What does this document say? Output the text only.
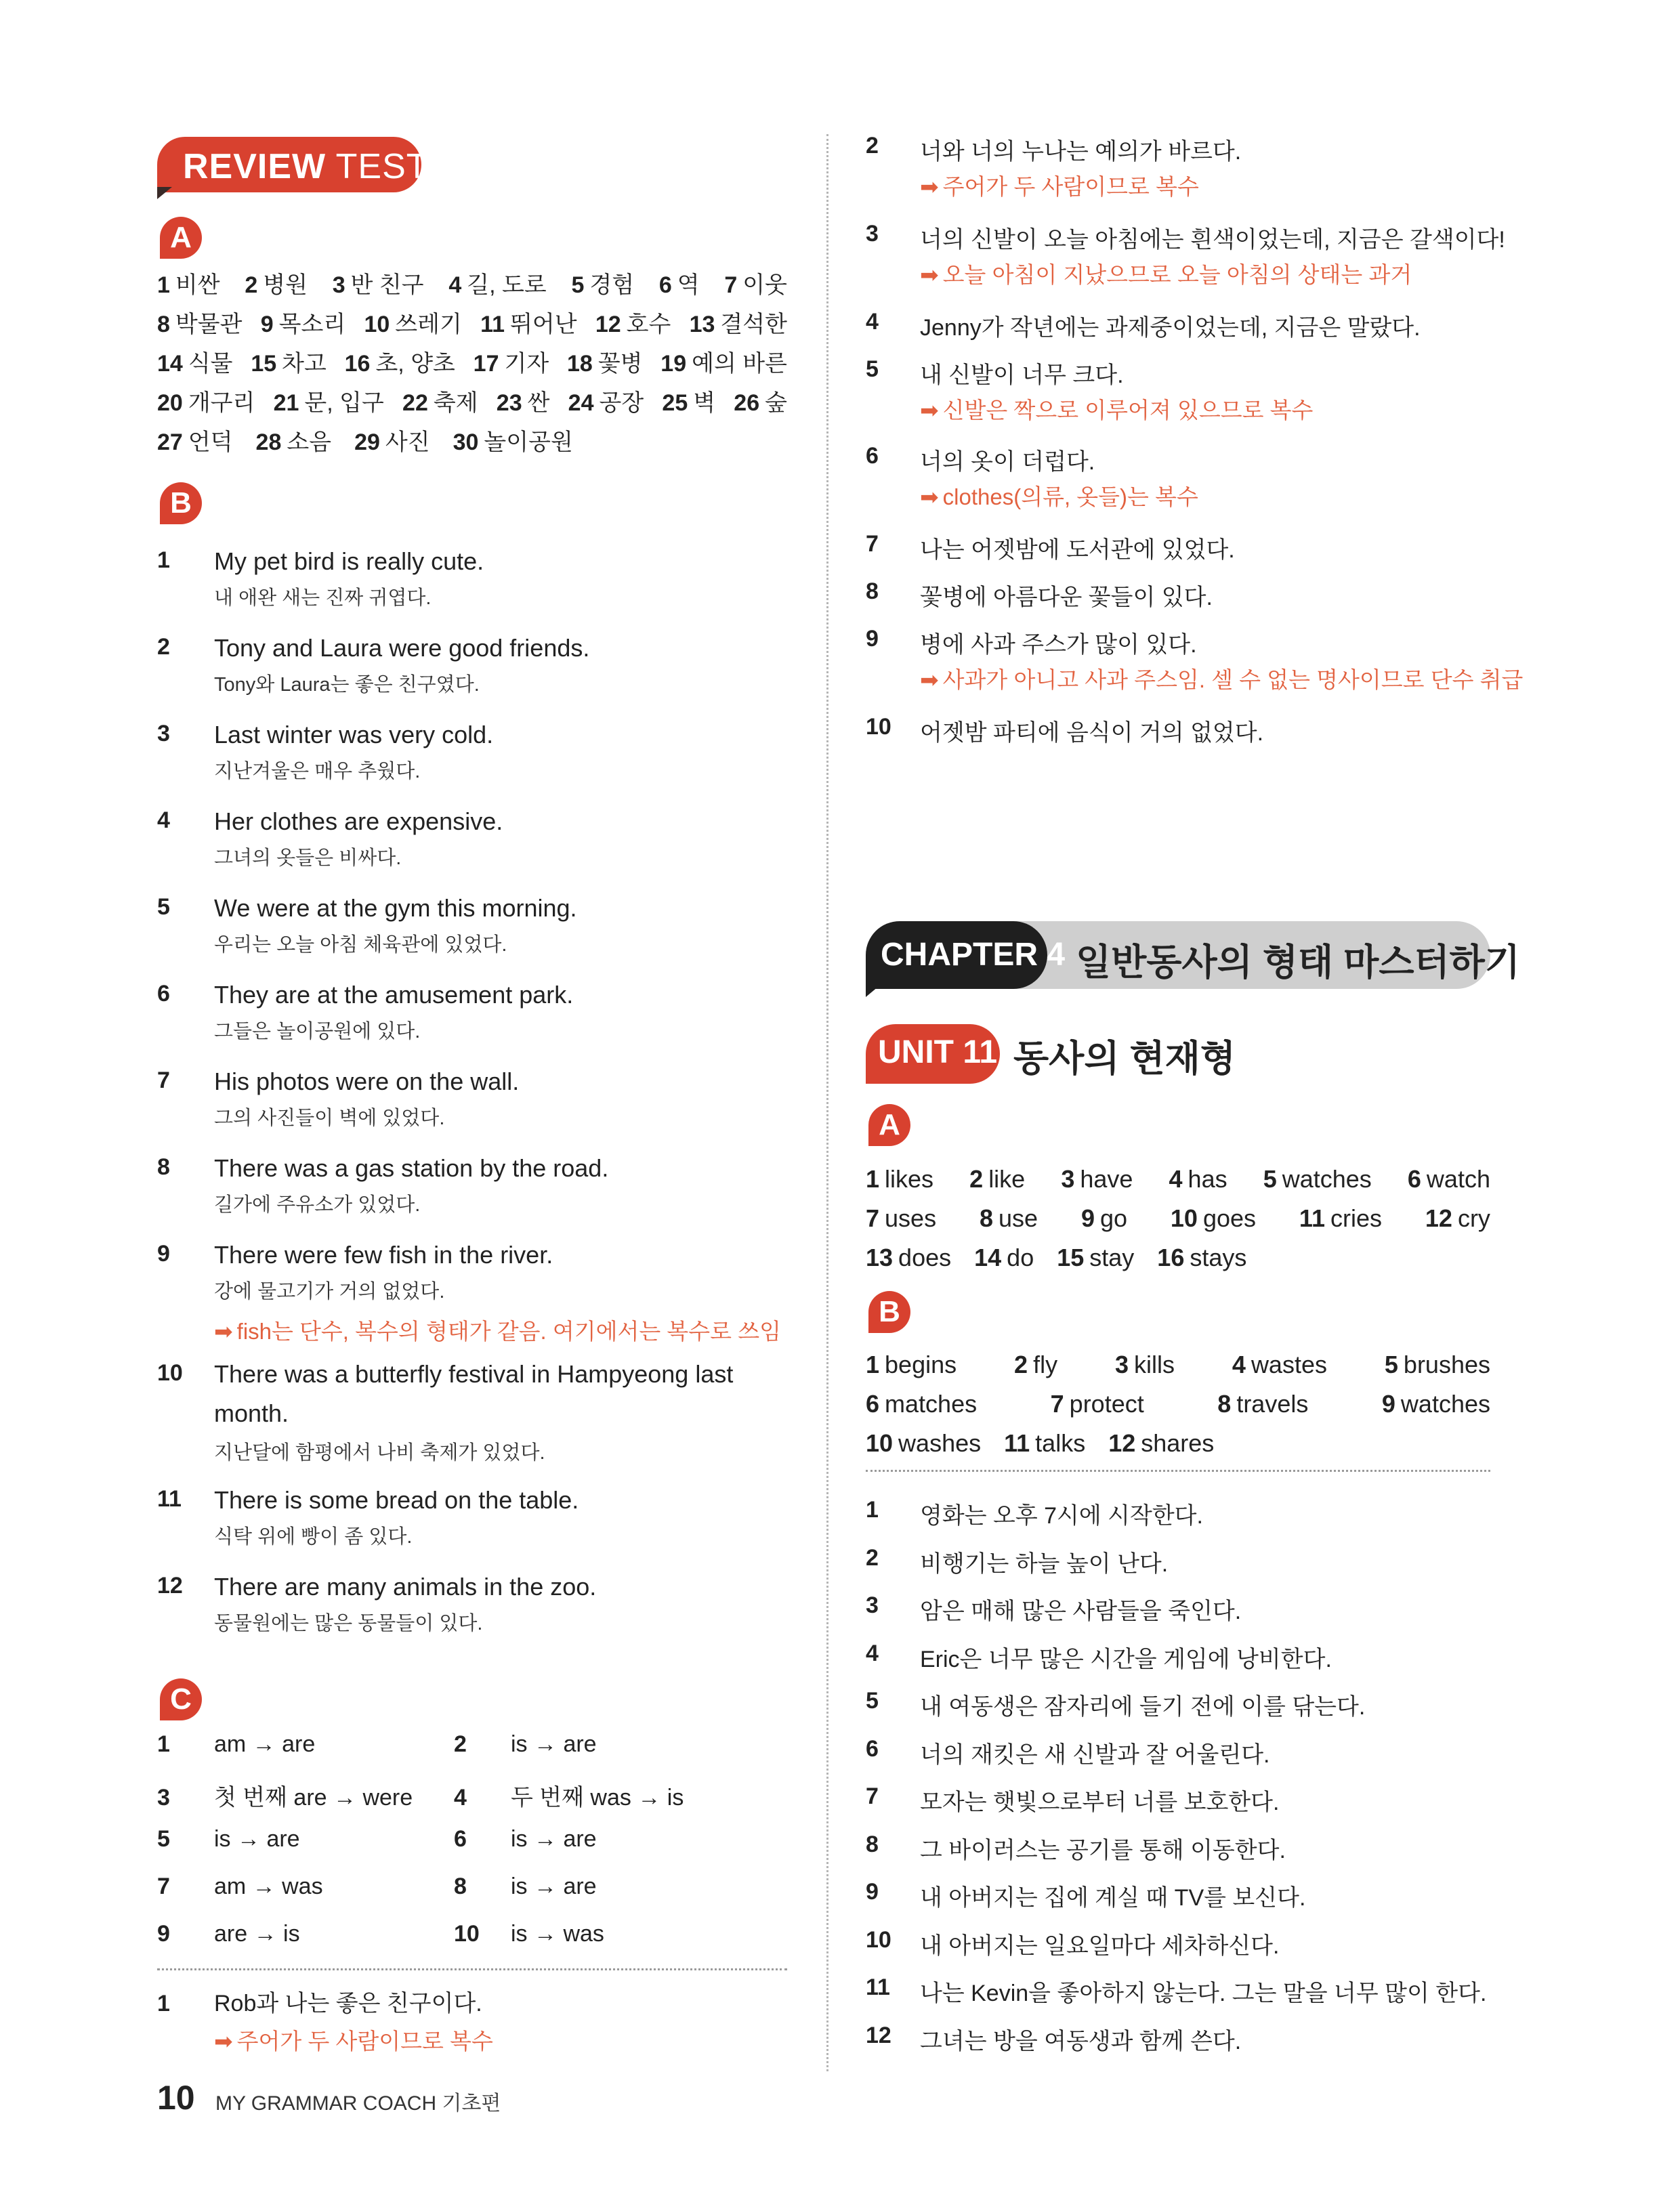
REVIEW TEST
A
1 비싼 2 병원 3 반 친구 4 길, 도로 5 경험 6 역 7 이웃
8 박물관 9 목소리 10 쓰레기 11 뛰어난 12 호수 13 결석한
14 식물 15 차고 16 초, 양초 17 기자 18 꽃병 19 예의 바른
20 개구리 21 문, 입구 22 축제 23 싼 24 공장 25 벽 26 숲
27 언덕 28 소음 29 사진 30 놀이공원
B
1 My pet bird is really cute.
내 애완 새는 진짜 귀엽다.
2 Tony and Laura were good friends.
Tony와 Laura는 좋은 친구였다.
3 Last winter was very cold.
지난겨울은 매우 추웠다.
4 Her clothes are expensive.
그녀의 옷들은 비싸다.
5 We were at the gym this morning.
우리는 오늘 아침 체육관에 있었다.
6 They are at the amusement park.
그들은 놀이공원에 있다.
7 His photos were on the wall.
그의 사진들이 벽에 있었다.
8 There was a gas station by the road.
길가에 주유소가 있었다.
9 There were few fish in the river.
강에 물고기가 거의 없었다.
➡ fish는 단수, 복수의 형태가 같음. 여기에서는 복수로 쓰임
10 There was a butterfly festival in Hampyeong last
month.
지난달에 함평에서 나비 축제가 있었다.
11 There is some bread on the table.
식탁 위에 빵이 좀 있다.
12 There are many animals in the zoo.
동물원에는 많은 동물들이 있다.
C
1 am → are	2 is → are
3 첫 번째 are → were 4 두 번째 was → is
5 is → are	6 is → are
7 am → was	8 is → are
9 are → is	10 is → was
1 Rob과 나는 좋은 친구이다.
➡ 주어가 두 사람이므로 복수
2 너와 너의 누나는 예의가 바르다.
➡ 주어가 두 사람이므로 복수
3 너의 신발이 오늘 아침에는 흰색이었는데, 지금은 갈색이다!
➡ 오늘 아침이 지났으므로 오늘 아침의 상태는 과거
4 Jenny가 작년에는 과제중이었는데, 지금은 말랐다.
5 내 신발이 너무 크다.
➡ 신발은 짝으로 이루어져 있으므로 복수
6 너의 옷이 더럽다.
➡ clothes(의류, 옷들)는 복수
7 나는 어젯밤에 도서관에 있었다.
8 꽃병에 아름다운 꽃들이 있다.
9 병에 사과 주스가 많이 있다.
➡ 사과가 아니고 사과 주스임. 셀 수 없는 명사이므로 단수 취급
10 어젯밤 파티에 음식이 거의 없었다.
CHAPTER 4 일반동사의 형태 마스터하기
UNIT 11 동사의 현재형
A
1 likes 2 like 3 have 4 has 5 watches 6 watch
7 uses 8 use 9 go 10 goes 11 cries 12 cry
13 does 14 do 15 stay 16 stays
B
1 begins 2 fly 3 kills 4 wastes 5 brushes
6 matches	7 protect	8 travels	9 watches
10 washes 11 talks 12 shares
1 영화는 오후 7시에 시작한다.
2 비행기는 하늘 높이 난다.
3 암은 매해 많은 사람들을 죽인다.
4 Eric은 너무 많은 시간을 게임에 낭비한다.
5 내 여동생은 잠자리에 들기 전에 이를 닦는다.
6 너의 재킷은 새 신발과 잘 어울린다.
7 모자는 햇빛으로부터 너를 보호한다.
8 그 바이러스는 공기를 통해 이동한다.
9 내 아버지는 집에 계실 때 TV를 보신다.
10 내 아버지는 일요일마다 세차하신다.
11 나는 Kevin을 좋아하지 않는다. 그는 말을 너무 많이 한다.
12 그녀는 방을 여동생과 함께 쓴다.
10 MY GRAMMAR COACH 기초편
